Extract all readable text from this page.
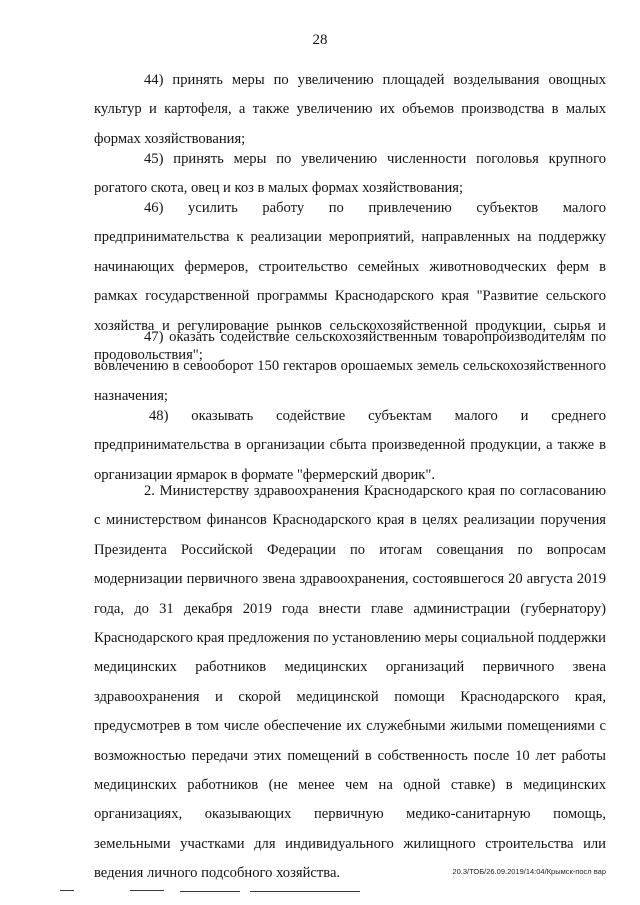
28

44) принять меры по увеличению площадей возделывания овощных культур и картофеля, а также увеличению их объемов производства в малых формах хозяйствования;

45) принять меры по увеличению численности поголовья крупного рогатого скота, овец и коз в малых формах хозяйствования;

46) усилить работу по привлечению субъектов малого предпринимательства к реализации мероприятий, направленных на поддержку начинающих фермеров, строительство семейных животноводческих ферм в рамках государственной программы Краснодарского края "Развитие сельского хозяйства и регулирование рынков сельскохозяйственной продукции, сырья и продовольствия";

47) оказать содействие сельскохозяйственным товаропроизводителям по вовлечению в севооборот 150 гектаров орошаемых земель сельскохозяйственного назначения;

48) оказывать содействие субъектам малого и среднего предпринимательства в организации сбыта произведенной продукции, а также в организации ярмарок в формате "фермерский дворик".

2. Министерству здравоохранения Краснодарского края по согласованию с министерством финансов Краснодарского края в целях реализации поручения Президента Российской Федерации по итогам совещания по вопросам модернизации первичного звена здравоохранения, состоявшегося 20 августа 2019 года, до 31 декабря 2019 года внести главе администрации (губернатору) Краснодарского края предложения по установлению меры социальной поддержки медицинских работников медицинских организаций первичного звена здравоохранения и скорой медицинской помощи Краснодарского края, предусмотрев в том числе обеспечение их служебными жилыми помещениями с возможностью передачи этих помещений в собственность после 10 лет работы медицинских работников (не менее чем на одной ставке) в медицинских организациях, оказывающих первичную медико-санитарную помощь, земельными участками для индивидуального жилищного строительства или ведения личного подсобного хозяйства.	20.3/ТОБ/26.09.2019/14:04/Крымск-посл вар
